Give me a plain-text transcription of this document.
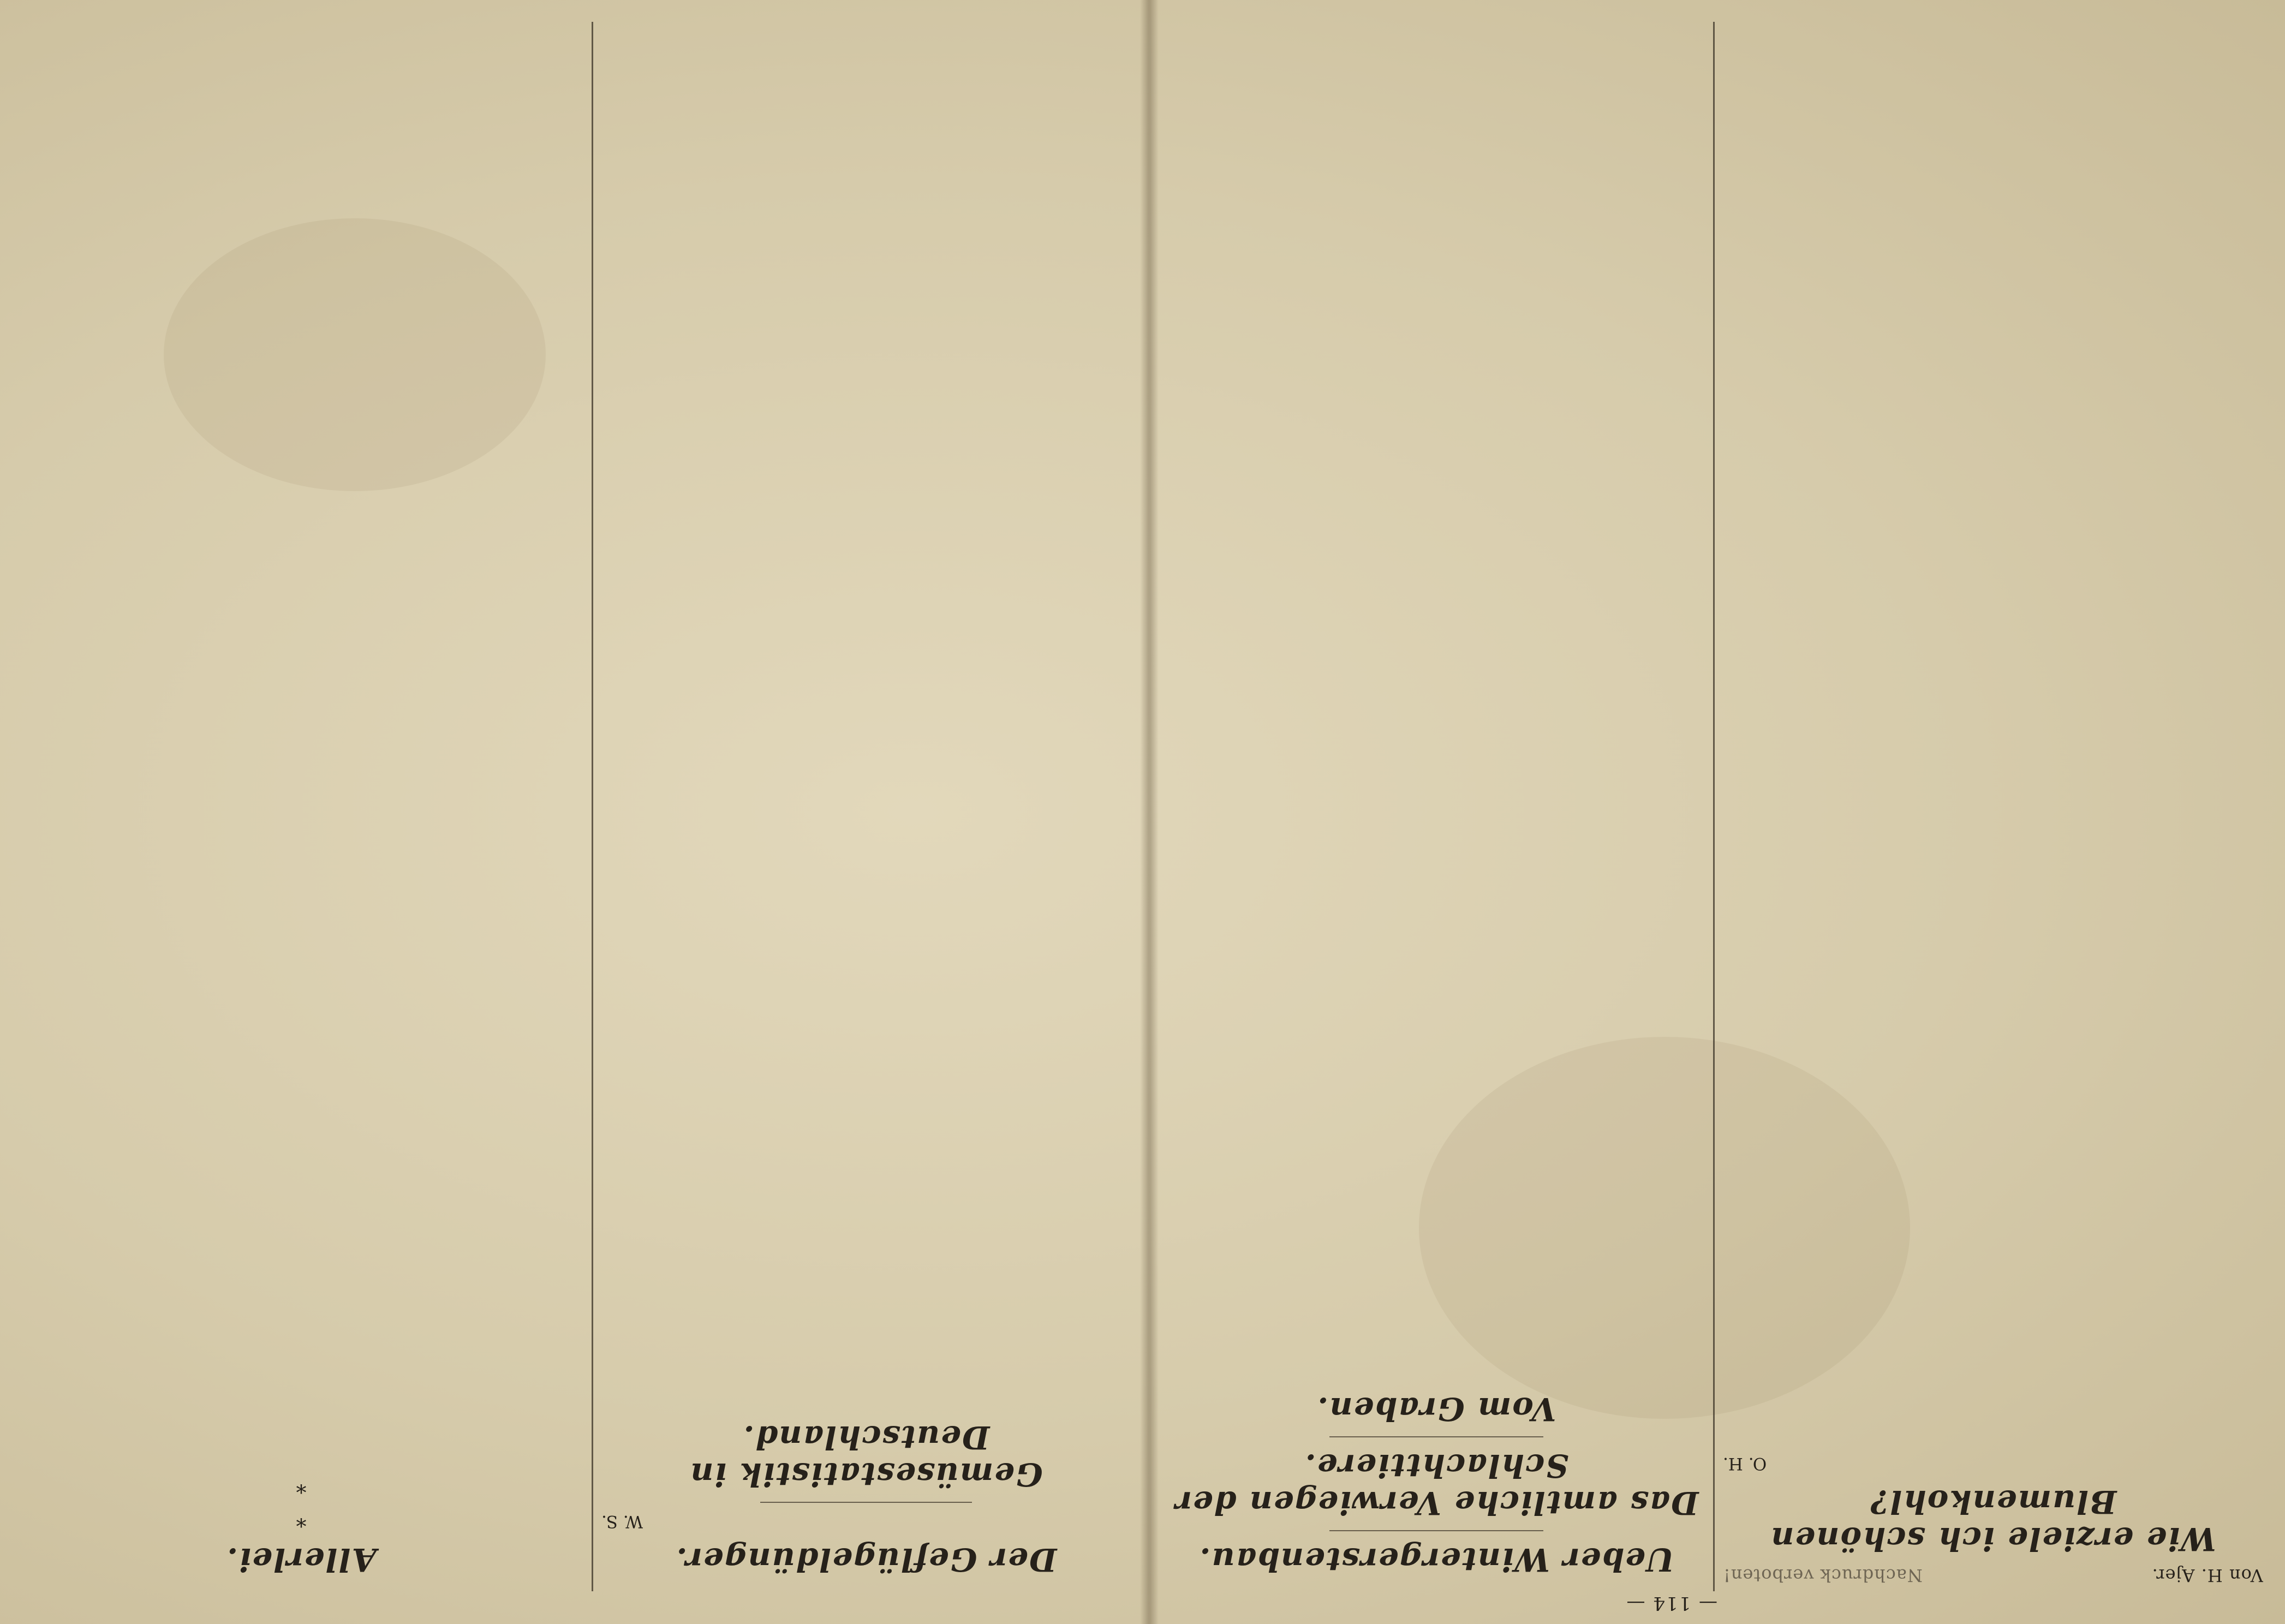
— 114 —
Von H. Ajer.
Nachdruck verboten!
Wie erziele ich schönen Blumenkohl?

O. H.
Ueber Wintergerstenbau.

Das amtliche Verwiegen der Schlachttiere.

Vom Graben.

Der Geflügeldünger.

W. S.
Gemüsestatistik in Deutschland.

Allerlei.

*

*
